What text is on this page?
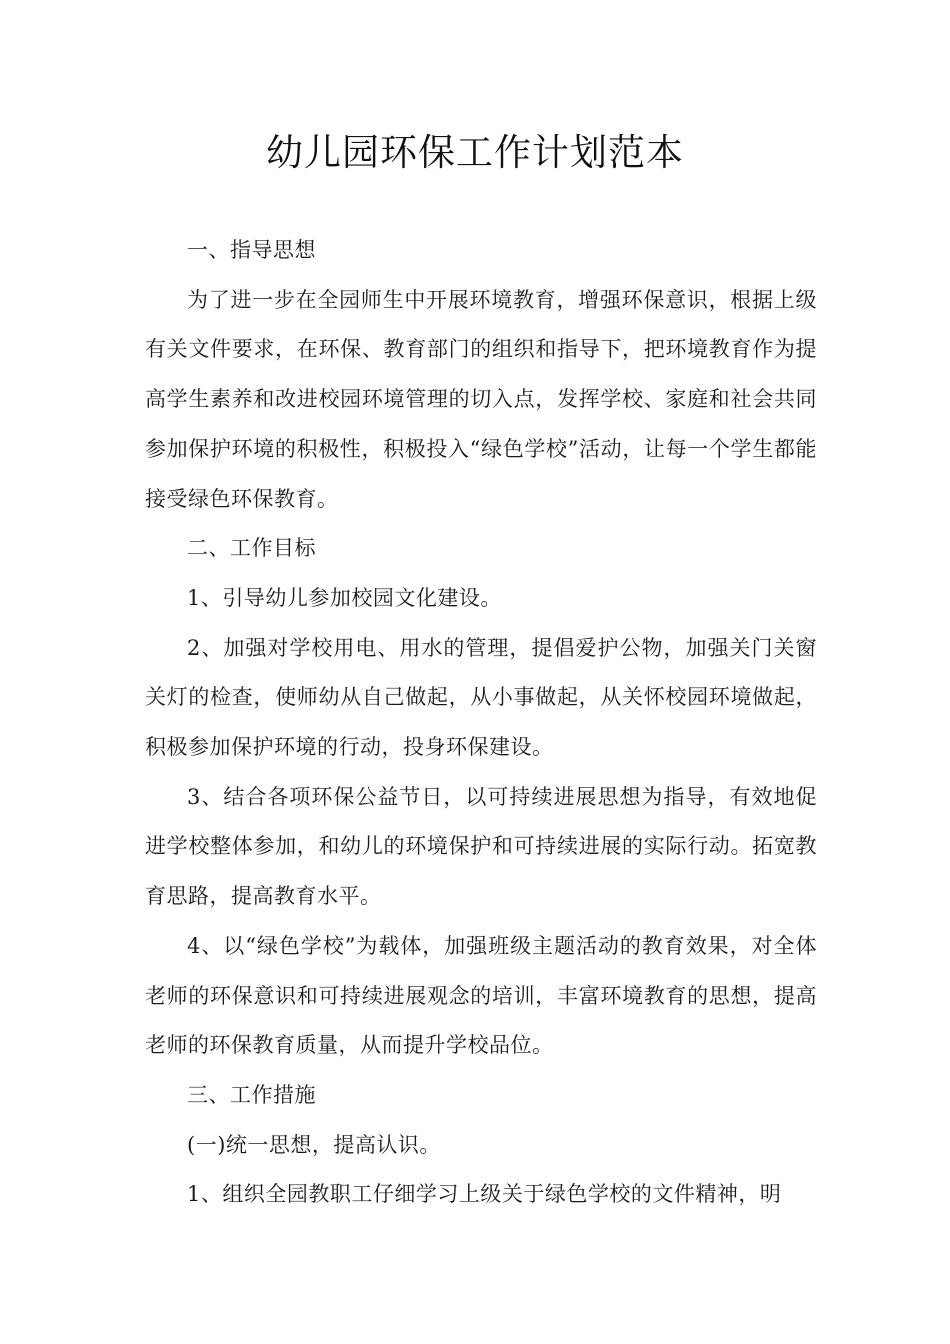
幼儿园环保工作计划范本

一、指导思想

为了进一步在全园师生中开展环境教育，增强环保意识，根据上级有关文件要求，在环保、教育部门的组织和指导下，把环境教育作为提高学生素养和改进校园环境管理的切入点，发挥学校、家庭和社会共同参加保护环境的积极性，积极投入“绿色学校”活动，让每一个学生都能接受绿色环保教育。

二、工作目标

1、引导幼儿参加校园文化建设。

2、加强对学校用电、用水的管理，提倡爱护公物，加强关门关窗关灯的检查，使师幼从自己做起，从小事做起，从关怀校园环境做起，积极参加保护环境的行动，投身环保建设。

3、结合各项环保公益节日，以可持续进展思想为指导，有效地促进学校整体参加，和幼儿的环境保护和可持续进展的实际行动。拓宽教育思路，提高教育水平。

4、以“绿色学校”为载体，加强班级主题活动的教育效果，对全体老师的环保意识和可持续进展观念的培训，丰富环境教育的思想，提高老师的环保教育质量，从而提升学校品位。

三、工作措施

(一)统一思想，提高认识。

1、组织全园教职工仔细学习上级关于绿色学校的文件精神，明
